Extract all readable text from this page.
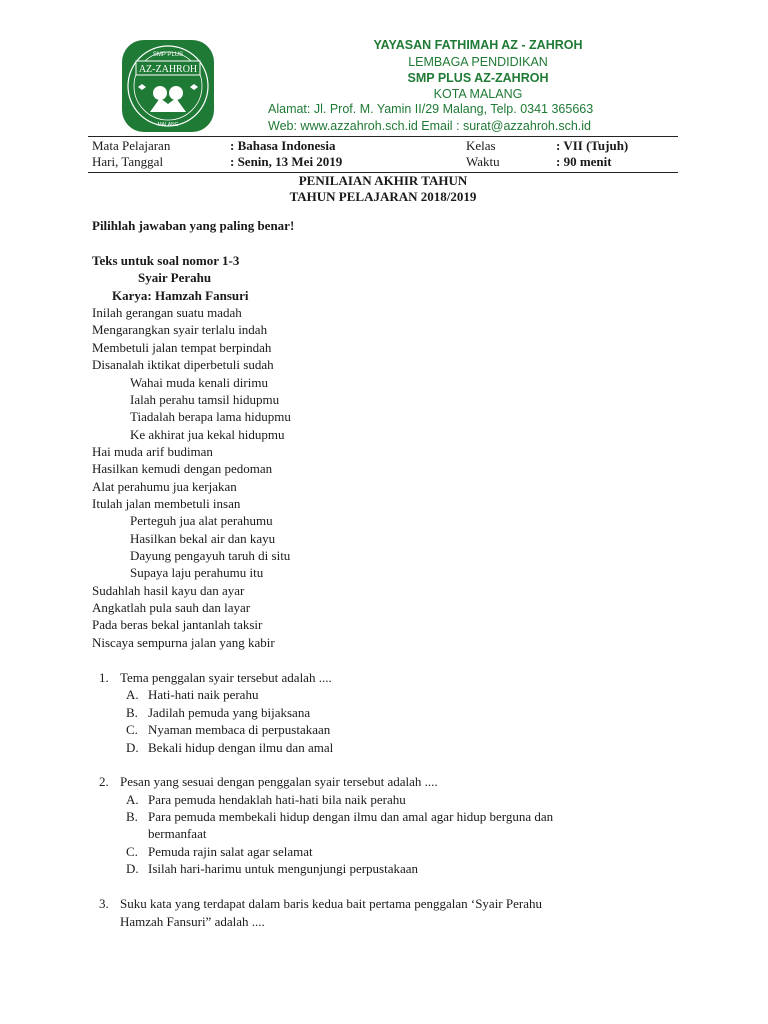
SMP PLUS
AZ-ZAHROH
MALANG
YAYASAN FATHIMAH AZ - ZAHROH
LEMBAGA PENDIDIKAN
SMP PLUS AZ-ZAHROH
KOTA MALANG
Alamat: Jl. Prof. M. Yamin II/29 Malang, Telp. 0341 365663
Web: www.azzahroh.sch.id Email : surat@azzahroh.sch.id
Mata Pelajaran	: Bahasa Indonesia	Kelas	: VII (Tujuh)
Hari, Tanggal	: Senin, 13 Mei 2019	Waktu	: 90 menit
PENILAIAN AKHIR TAHUN
TAHUN PELAJARAN 2018/2019
Pilihlah jawaban yang paling benar!
Teks untuk soal nomor 1-3
Syair Perahu
Karya: Hamzah Fansuri
Inilah gerangan suatu madah
Mengarangkan syair terlalu indah
Membetuli jalan tempat berpindah
Disanalah iktikat diperbetuli sudah
Wahai muda kenali dirimu
Ialah perahu tamsil hidupmu
Tiadalah berapa lama hidupmu
Ke akhirat jua kekal hidupmu
Hai muda arif budiman
Hasilkan kemudi dengan pedoman
Alat perahumu jua kerjakan
Itulah jalan membetuli insan
Perteguh jua alat perahumu
Hasilkan bekal air dan kayu
Dayung pengayuh taruh di situ
Supaya laju perahumu itu
Sudahlah hasil kayu dan ayar
Angkatlah pula sauh dan layar
Pada beras bekal jantanlah taksir
Niscaya sempurna jalan yang kabir
1. Tema penggalan syair tersebut adalah ....
A. Hati-hati naik perahu
B. Jadilah pemuda yang bijaksana
C. Nyaman membaca di perpustakaan
D. Bekali hidup dengan ilmu dan amal
2. Pesan yang sesuai dengan penggalan syair tersebut adalah ....
A. Para pemuda hendaklah hati-hati bila naik perahu
B. Para pemuda membekali hidup dengan ilmu dan amal agar hidup berguna dan
bermanfaat
C. Pemuda rajin salat agar selamat
D. Isilah hari-harimu untuk mengunjungi perpustakaan
3. Suku kata yang terdapat dalam baris kedua bait pertama penggalan ‘Syair Perahu
Hamzah Fansuri” adalah ....
